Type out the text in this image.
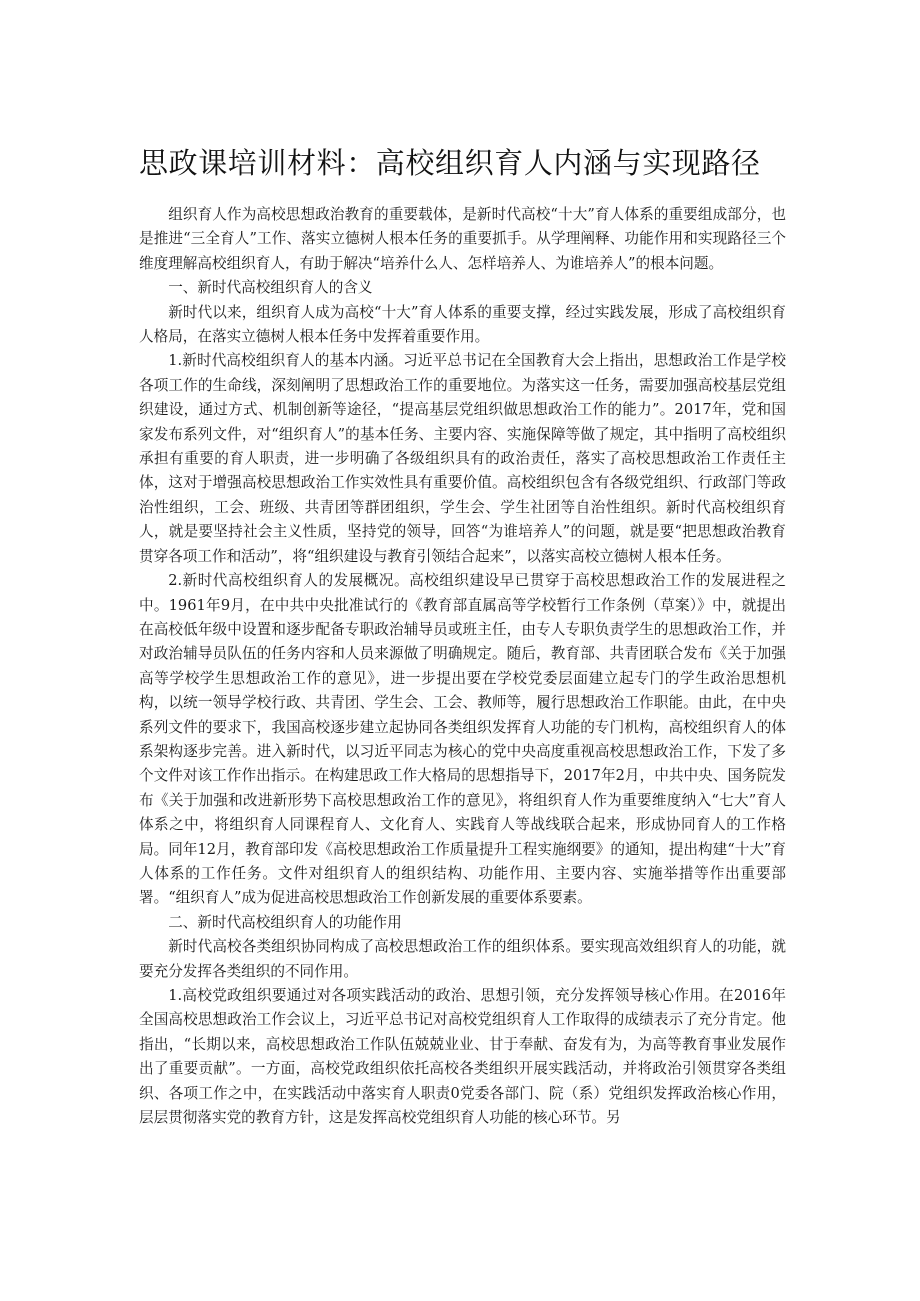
思政课培训材料：高校组织育人内涵与实现路径

组织育人作为高校思想政治教育的重要载体，是新时代高校“十大”育人体系的重要组成部分，也是推进“三全育人”工作、落实立德树人根本任务的重要抓手。从学理阐释、功能作用和实现路径三个维度理解高校组织育人，有助于解决“培养什么人、怎样培养人、为谁培养人”的根本问题。

一、新时代高校组织育人的含义

新时代以来，组织育人成为高校“十大”育人体系的重要支撑，经过实践发展，形成了高校组织育人格局，在落实立德树人根本任务中发挥着重要作用。

1.新时代高校组织育人的基本内涵。习近平总书记在全国教育大会上指出，思想政治工作是学校各项工作的生命线，深刻阐明了思想政治工作的重要地位。为落实这一任务，需要加强高校基层党组织建设，通过方式、机制创新等途径，“提高基层党组织做思想政治工作的能力”。2017年，党和国家发布系列文件，对“组织育人”的基本任务、主要内容、实施保障等做了规定，其中指明了高校组织承担有重要的育人职责，进一步明确了各级组织具有的政治责任，落实了高校思想政治工作责任主体，这对于增强高校思想政治工作实效性具有重要价值。高校组织包含有各级党组织、行政部门等政治性组织，工会、班级、共青团等群团组织，学生会、学生社团等自治性组织。新时代高校组织育人，就是要坚持社会主义性质，坚持党的领导，回答“为谁培养人”的问题，就是要“把思想政治教育贯穿各项工作和活动”，将“组织建设与教育引领结合起来”，以落实高校立德树人根本任务。

2.新时代高校组织育人的发展概况。高校组织建设早已贯穿于高校思想政治工作的发展进程之中。1961年9月，在中共中央批准试行的《教育部直属高等学校暂行工作条例（草案）》中，就提出在高校低年级中设置和逐步配备专职政治辅导员或班主任，由专人专职负责学生的思想政治工作，并对政治辅导员队伍的任务内容和人员来源做了明确规定。随后，教育部、共青团联合发布《关于加强高等学校学生思想政治工作的意见》，进一步提出要在学校党委层面建立起专门的学生政治思想机构，以统一领导学校行政、共青团、学生会、工会、教师等，履行思想政治工作职能。由此，在中央系列文件的要求下，我国高校逐步建立起协同各类组织发挥育人功能的专门机构，高校组织育人的体系架构逐步完善。进入新时代，以习近平同志为核心的党中央高度重视高校思想政治工作，下发了多个文件对该工作作出指示。在构建思政工作大格局的思想指导下，2017年2月，中共中央、国务院发布《关于加强和改进新形势下高校思想政治工作的意见》，将组织育人作为重要维度纳入“七大”育人体系之中，将组织育人同课程育人、文化育人、实践育人等战线联合起来，形成协同育人的工作格局。同年12月，教育部印发《高校思想政治工作质量提升工程实施纲要》的通知，提出构建“十大”育人体系的工作任务。文件对组织育人的组织结构、功能作用、主要内容、实施举措等作出重要部署。“组织育人”成为促进高校思想政治工作创新发展的重要体系要素。

二、新时代高校组织育人的功能作用

新时代高校各类组织协同构成了高校思想政治工作的组织体系。要实现高效组织育人的功能，就要充分发挥各类组织的不同作用。

1.高校党政组织要通过对各项实践活动的政治、思想引领，充分发挥领导核心作用。在2016年全国高校思想政治工作会议上，习近平总书记对高校党组织育人工作取得的成绩表示了充分肯定。他指出，“长期以来，高校思想政治工作队伍兢兢业业、甘于奉献、奋发有为，为高等教育事业发展作出了重要贡献”。一方面，高校党政组织依托高校各类组织开展实践活动，并将政治引领贯穿各类组织、各项工作之中，在实践活动中落实育人职责0党委各部门、院（系）党组织发挥政治核心作用，层层贯彻落实党的教育方针，这是发挥高校党组织育人功能的核心环节。另
